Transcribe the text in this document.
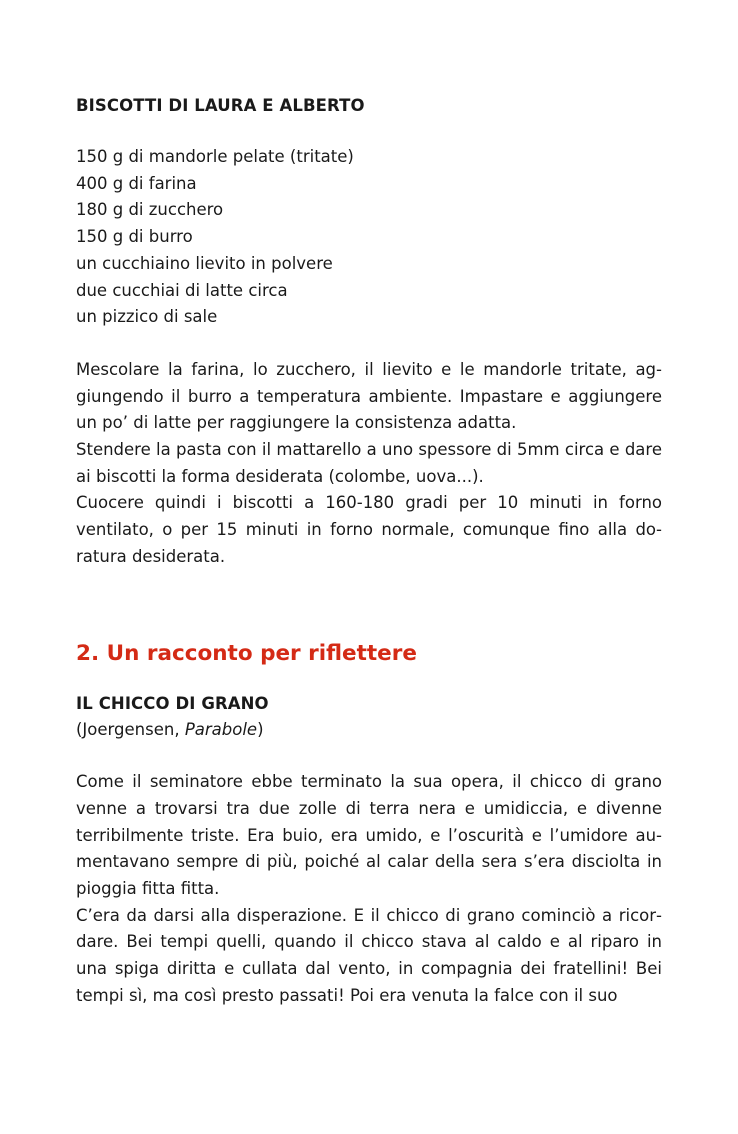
BISCOTTI DI LAURA E ALBERTO
150 g di mandorle pelate (tritate)
400 g di farina
180 g di zucchero
150 g di burro
un cucchiaino lievito in polvere
due cucchiai di latte circa
un pizzico di sale

Mescolare la farina, lo zucchero, il lievito e le mandorle tritate, aggiungendo il burro a temperatura ambiente. Impastare e aggiungere un po’ di latte per raggiungere la consistenza adatta.

Stendere la pasta con il mattarello a uno spessore di 5mm circa e dare ai biscotti la forma desiderata (colombe, uova...).

Cuocere quindi i biscotti a 160-180 gradi per 10 minuti in forno ventilato, o per 15 minuti in forno normale, comunque fino alla doratura desiderata.

2. Un racconto per riflettere
IL CHICCO DI GRANO

(Joergensen, Parabole)

Come il seminatore ebbe terminato la sua opera, il chicco di grano venne a trovarsi tra due zolle di terra nera e umidiccia, e divenne terribilmente triste. Era buio, era umido, e l’oscurità e l’umidore aumentavano sempre di più, poiché al calar della sera s’era disciolta in pioggia fitta fitta.

C’era da darsi alla disperazione. E il chicco di grano cominciò a ricordare. Bei tempi quelli, quando il chicco stava al caldo e al riparo in una spiga diritta e cullata dal vento, in compagnia dei fratellini! Bei tempi sì, ma così presto passati! Poi era venuta la falce con il suo
